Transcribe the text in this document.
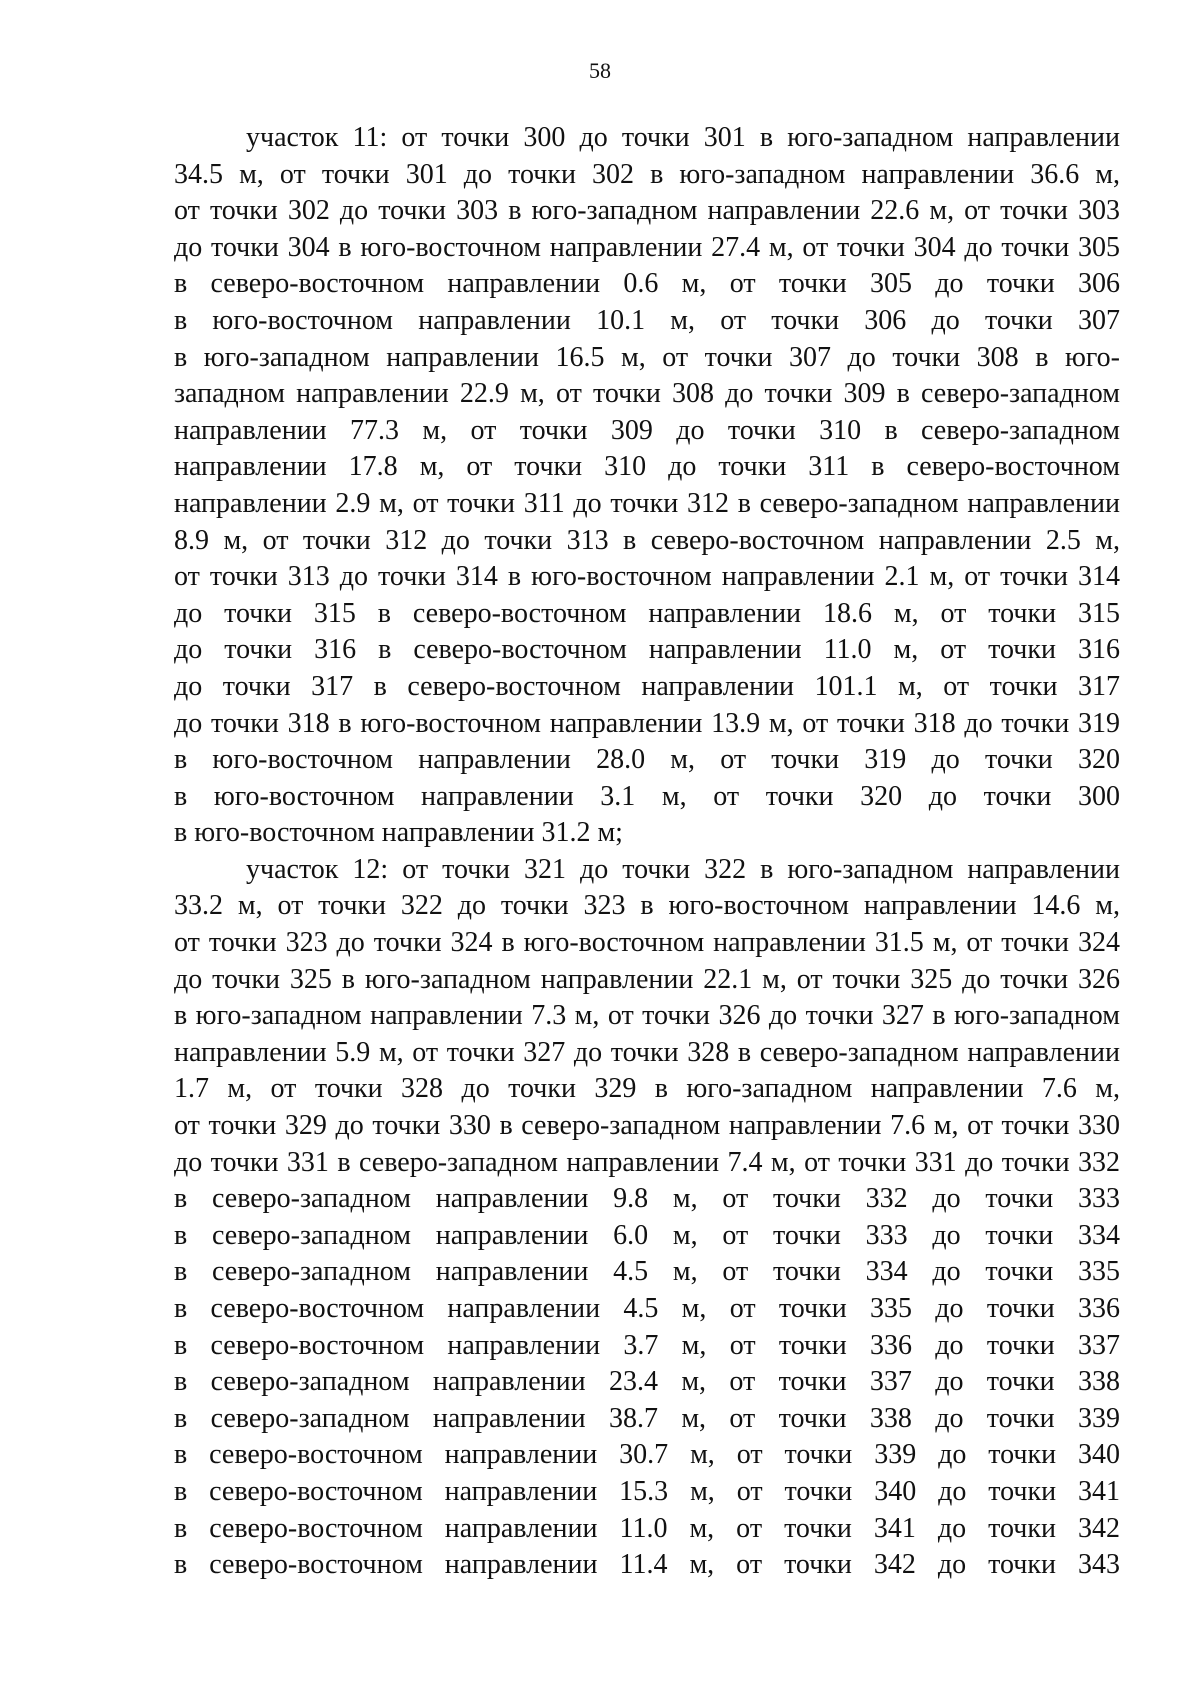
58
участок 11: от точки 300 до точки 301 в юго-западном направлении
34.5 м, от точки 301 до точки 302 в юго-западном направлении 36.6 м,
от точки 302 до точки 303 в юго-западном направлении 22.6 м, от точки 303
до точки 304 в юго-восточном направлении 27.4 м, от точки 304 до точки 305
в северо-восточном направлении 0.6 м, от точки 305 до точки 306
в юго-восточном направлении 10.1 м, от точки 306 до точки 307
в юго-западном направлении 16.5 м, от точки 307 до точки 308 в юго-
западном направлении 22.9 м, от точки 308 до точки 309 в северо-западном
направлении 77.3 м, от точки 309 до точки 310 в северо-западном
направлении 17.8 м, от точки 310 до точки 311 в северо-восточном
направлении 2.9 м, от точки 311 до точки 312 в северо-западном направлении
8.9 м, от точки 312 до точки 313 в северо-восточном направлении 2.5 м,
от точки 313 до точки 314 в юго-восточном направлении 2.1 м, от точки 314
до точки 315 в северо-восточном направлении 18.6 м, от точки 315
до точки 316 в северо-восточном направлении 11.0 м, от точки 316
до точки 317 в северо-восточном направлении 101.1 м, от точки 317
до точки 318 в юго-восточном направлении 13.9 м, от точки 318 до точки 319
в юго-восточном направлении 28.0 м, от точки 319 до точки 320
в юго-восточном направлении 3.1 м, от точки 320 до точки 300
в юго-восточном направлении 31.2 м;
участок 12: от точки 321 до точки 322 в юго-западном направлении
33.2 м, от точки 322 до точки 323 в юго-восточном направлении 14.6 м,
от точки 323 до точки 324 в юго-восточном направлении 31.5 м, от точки 324
до точки 325 в юго-западном направлении 22.1 м, от точки 325 до точки 326
в юго-западном направлении 7.3 м, от точки 326 до точки 327 в юго-западном
направлении 5.9 м, от точки 327 до точки 328 в северо-западном направлении
1.7 м, от точки 328 до точки 329 в юго-западном направлении 7.6 м,
от точки 329 до точки 330 в северо-западном направлении 7.6 м, от точки 330
до точки 331 в северо-западном направлении 7.4 м, от точки 331 до точки 332
в северо-западном направлении 9.8 м, от точки 332 до точки 333
в северо-западном направлении 6.0 м, от точки 333 до точки 334
в северо-западном направлении 4.5 м, от точки 334 до точки 335
в северо-восточном направлении 4.5 м, от точки 335 до точки 336
в северо-восточном направлении 3.7 м, от точки 336 до точки 337
в северо-западном направлении 23.4 м, от точки 337 до точки 338
в северо-западном направлении 38.7 м, от точки 338 до точки 339
в северо-восточном направлении 30.7 м, от точки 339 до точки 340
в северо-восточном направлении 15.3 м, от точки 340 до точки 341
в северо-восточном направлении 11.0 м, от точки 341 до точки 342
в северо-восточном направлении 11.4 м, от точки 342 до точки 343
